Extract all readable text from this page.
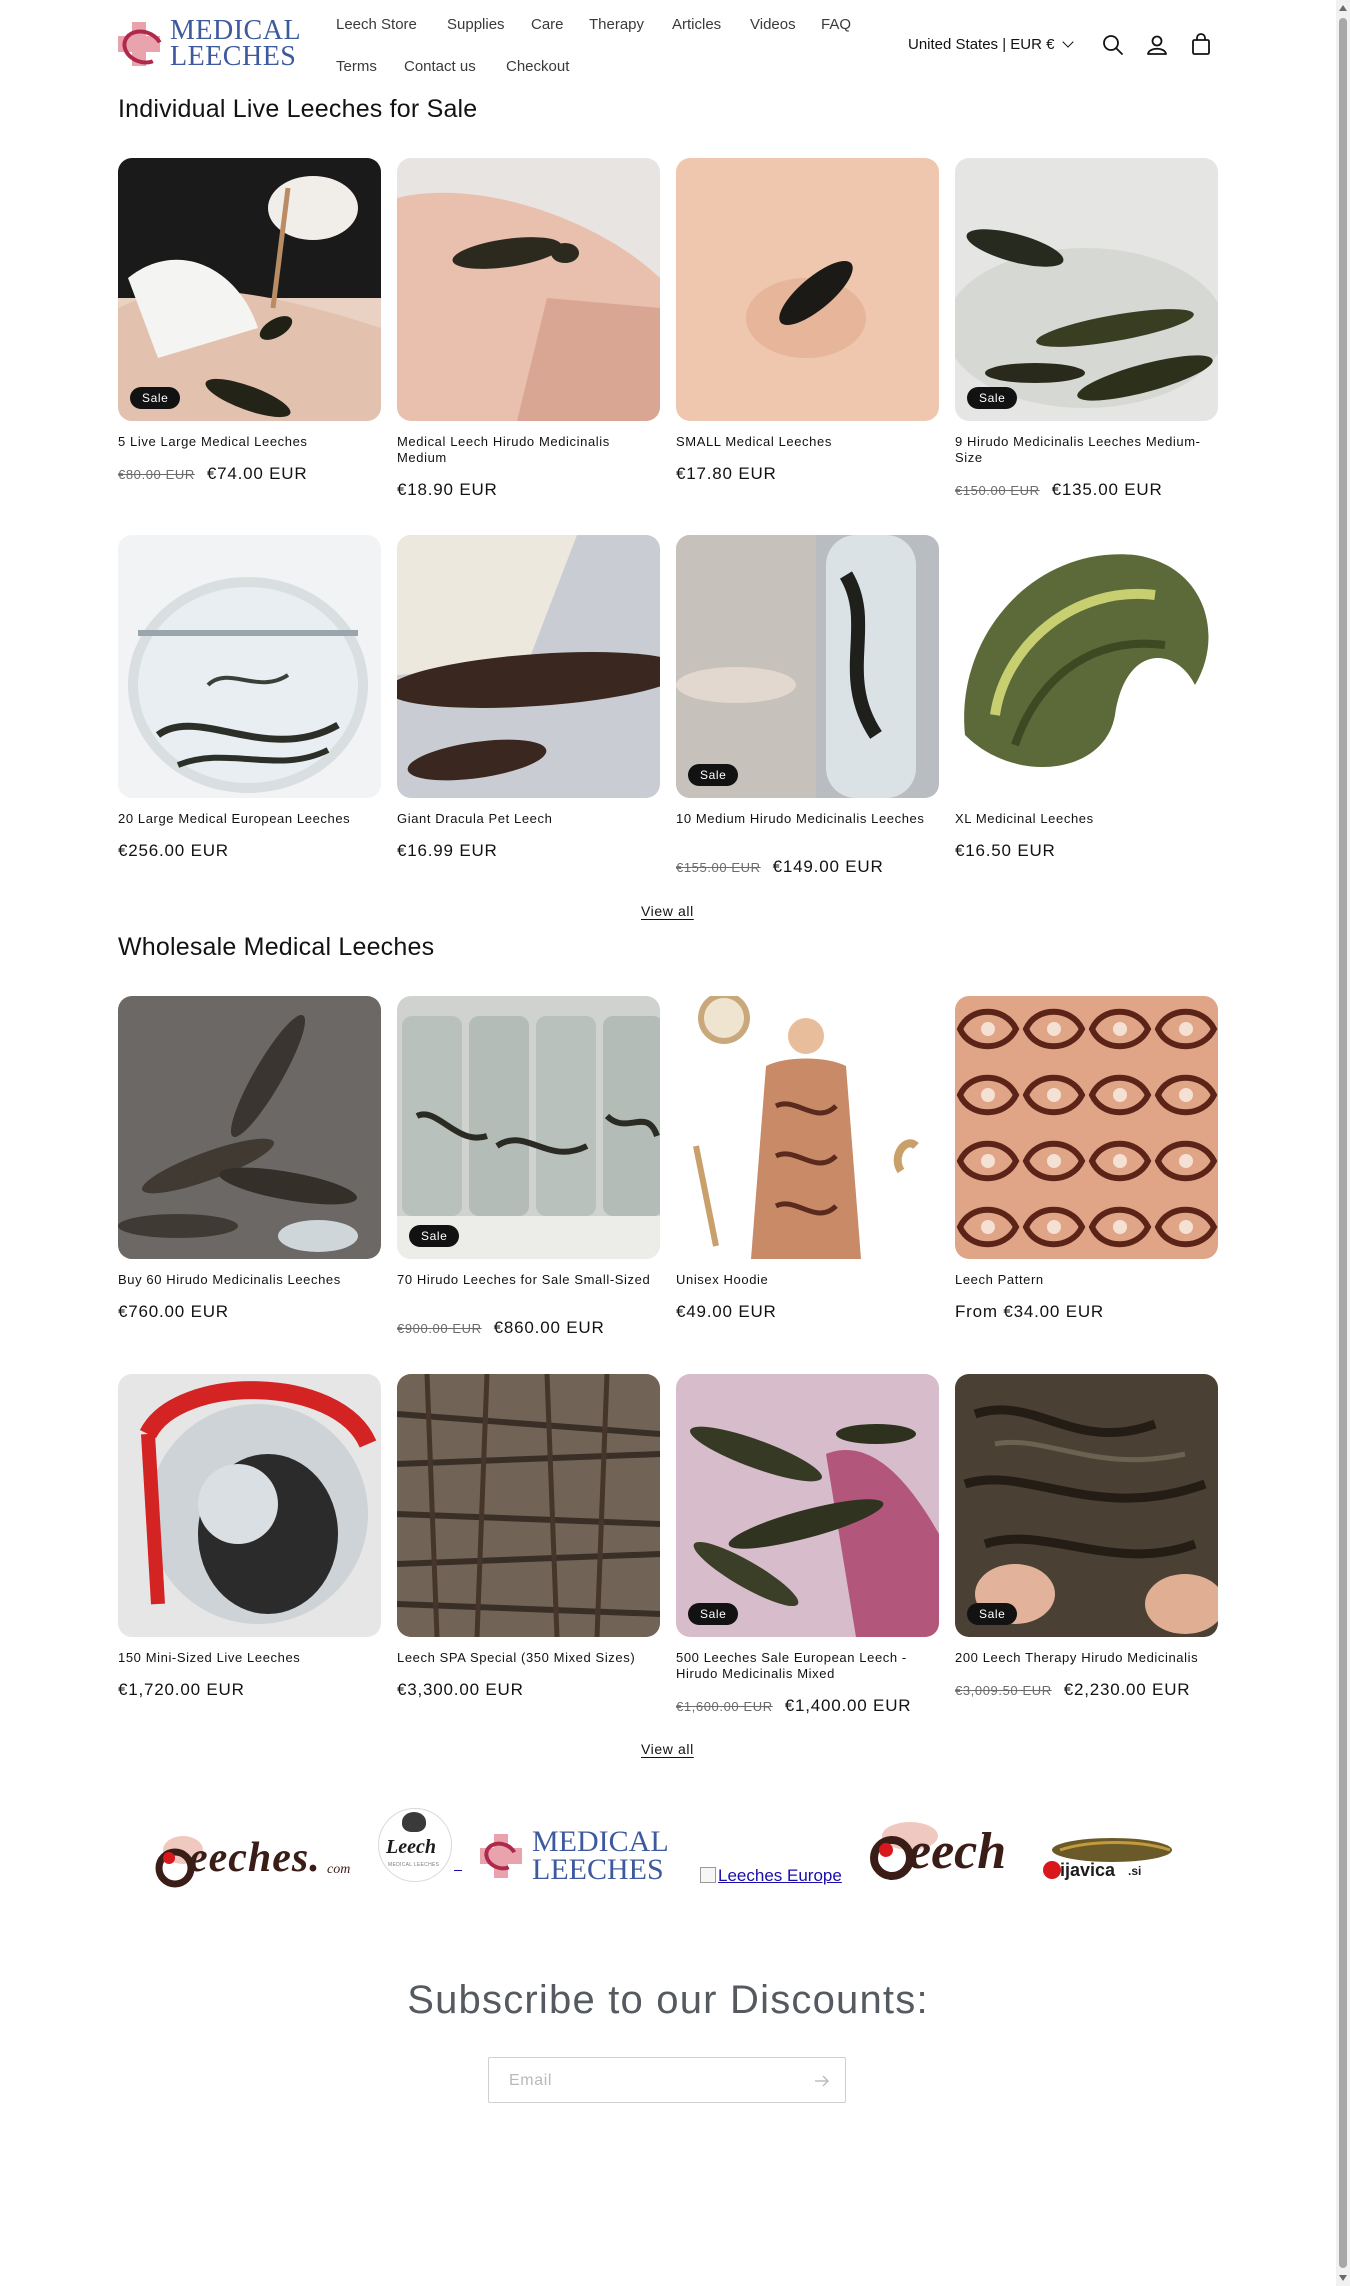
MEDICAL
LEECHES
Leech Store Supplies Care Therapy Articles Videos FAQ
Terms Contact us Checkout
United States | EUR €
Individual Live Leeches for Sale
Sale
5 Live Large Medical Leeches
€80.00 EUR €74.00 EUR
Medical Leech Hirudo Medicinalis Medium
€18.90 EUR
SMALL Medical Leeches
€17.80 EUR
Sale
9 Hirudo Medicinalis Leeches Medium-Size
€150.00 EUR €135.00 EUR
20 Large Medical European Leeches
€256.00 EUR
Giant Dracula Pet Leech
€16.99 EUR
Sale
10 Medium Hirudo Medicinalis Leeches
€155.00 EUR €149.00 EUR
XL Medicinal Leeches
€16.50 EUR
View all
Wholesale Medical Leeches
Buy 60 Hirudo Medicinalis Leeches
€760.00 EUR
Sale
70 Hirudo Leeches for Sale Small-Sized
€900.00 EUR €860.00 EUR
Unisex Hoodie
€49.00 EUR
Leech Pattern
From €34.00 EUR
150 Mini-Sized Live Leeches
€1,720.00 EUR
Leech SPA Special (350 Mixed Sizes)
€3,300.00 EUR
Sale
500 Leeches Sale European Leech - Hirudo Medicinalis Mixed
€1,600.00 EUR €1,400.00 EUR
Sale
200 Leech Therapy Hirudo Medicinalis
€3,009.50 EUR €2,230.00 EUR
View all
eeches. com
Leech
MEDICAL LEECHES
MEDICAL
LEECHES	Leeches Europe eech	ijavica .si
Subscribe to our Discounts:
Email
